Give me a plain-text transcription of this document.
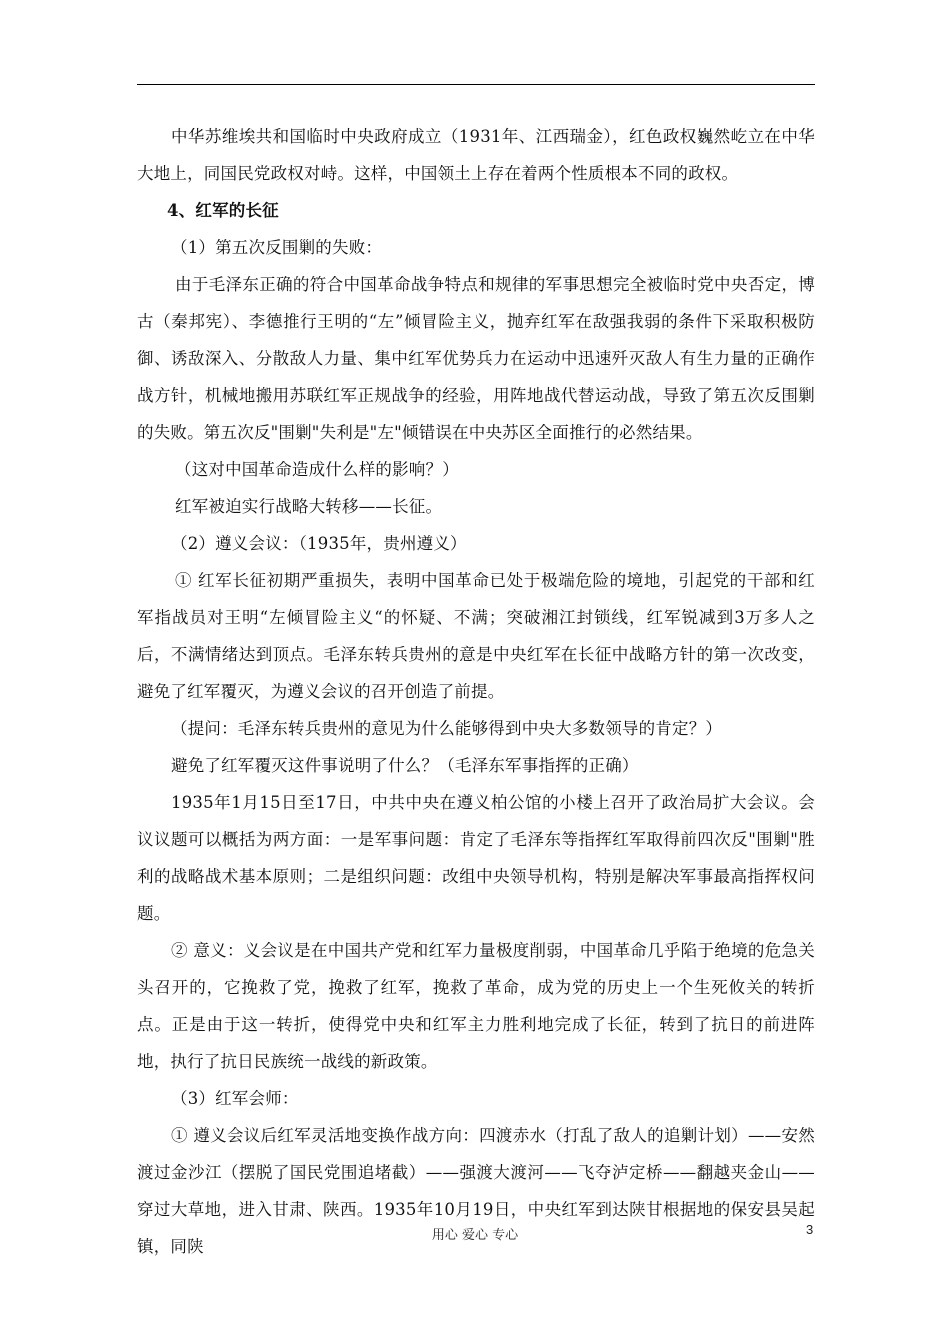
中华苏维埃共和国临时中央政府成立（1931年、江西瑞金），红色政权巍然屹立在中华大地上，同国民党政权对峙。这样，中国领土上存在着两个性质根本不同的政权。

4、红军的长征

（1）第五次反围剿的失败：

由于毛泽东正确的符合中国革命战争特点和规律的军事思想完全被临时党中央否定，博古（秦邦宪）、李德推行王明的“左”倾冒险主义，抛弃红军在敌强我弱的条件下采取积极防御、诱敌深入、分散敌人力量、集中红军优势兵力在运动中迅速歼灭敌人有生力量的正确作战方针，机械地搬用苏联红军正规战争的经验，用阵地战代替运动战，导致了第五次反围剿的失败。第五次反"围剿"失利是"左"倾错误在中央苏区全面推行的必然结果。

（这对中国革命造成什么样的影响？）

红军被迫实行战略大转移——长征。

（2）遵义会议：（1935年，贵州遵义）

① 红军长征初期严重损失，表明中国革命已处于极端危险的境地，引起党的干部和红军指战员对王明“左倾冒险主义“的怀疑、不满；突破湘江封锁线，红军锐减到3万多人之后，不满情绪达到顶点。毛泽东转兵贵州的意是中央红军在长征中战略方针的第一次改变，避免了红军覆灭，为遵义会议的召开创造了前提。

（提问：毛泽东转兵贵州的意见为什么能够得到中央大多数领导的肯定？）

避免了红军覆灭这件事说明了什么？（毛泽东军事指挥的正确）

1935年1月15日至17日，中共中央在遵义柏公馆的小楼上召开了政治局扩大会议。会议议题可以概括为两方面：一是军事问题：肯定了毛泽东等指挥红军取得前四次反"围剿"胜利的战略战术基本原则；二是组织问题：改组中央领导机构，特别是解决军事最高指挥权问题。

② 意义：义会议是在中国共产党和红军力量极度削弱，中国革命几乎陷于绝境的危急关头召开的，它挽救了党，挽救了红军，挽救了革命，成为党的历史上一个生死攸关的转折点。正是由于这一转折，使得党中央和红军主力胜利地完成了长征，转到了抗日的前进阵地，执行了抗日民族统一战线的新政策。

（3）红军会师：

① 遵义会议后红军灵活地变换作战方向：四渡赤水（打乱了敌人的追剿计划）——安然渡过金沙江（摆脱了国民党围追堵截）——强渡大渡河——飞夺泸定桥——翻越夹金山——穿过大草地，进入甘肃、陕西。1935年10月19日，中央红军到达陕甘根据地的保安县吴起镇，同陕

用心 爱心 专心	3
